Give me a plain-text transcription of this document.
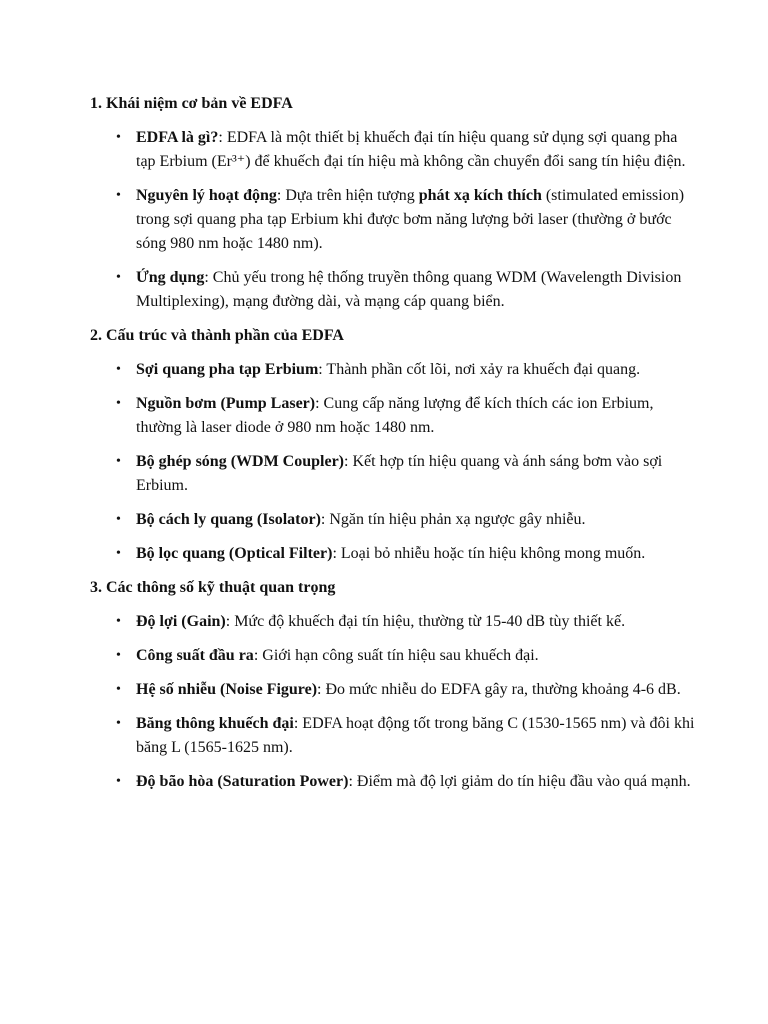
1. Khái niệm cơ bản về EDFA
• EDFA là gì?: EDFA là một thiết bị khuếch đại tín hiệu quang sử dụng sợi quang pha tạp Erbium (Er³⁺) để khuếch đại tín hiệu mà không cần chuyển đổi sang tín hiệu điện.
• Nguyên lý hoạt động: Dựa trên hiện tượng phát xạ kích thích (stimulated emission) trong sợi quang pha tạp Erbium khi được bơm năng lượng bởi laser (thường ở bước sóng 980 nm hoặc 1480 nm).
• Ứng dụng: Chủ yếu trong hệ thống truyền thông quang WDM (Wavelength Division Multiplexing), mạng đường dài, và mạng cáp quang biển.
2. Cấu trúc và thành phần của EDFA
• Sợi quang pha tạp Erbium: Thành phần cốt lõi, nơi xảy ra khuếch đại quang.
• Nguồn bơm (Pump Laser): Cung cấp năng lượng để kích thích các ion Erbium, thường là laser diode ở 980 nm hoặc 1480 nm.
• Bộ ghép sóng (WDM Coupler): Kết hợp tín hiệu quang và ánh sáng bơm vào sợi Erbium.
• Bộ cách ly quang (Isolator): Ngăn tín hiệu phản xạ ngược gây nhiễu.
• Bộ lọc quang (Optical Filter): Loại bỏ nhiễu hoặc tín hiệu không mong muốn.
3. Các thông số kỹ thuật quan trọng
• Độ lợi (Gain): Mức độ khuếch đại tín hiệu, thường từ 15-40 dB tùy thiết kế.
• Công suất đầu ra: Giới hạn công suất tín hiệu sau khuếch đại.
• Hệ số nhiễu (Noise Figure): Đo mức nhiễu do EDFA gây ra, thường khoảng 4-6 dB.
• Băng thông khuếch đại: EDFA hoạt động tốt trong băng C (1530-1565 nm) và đôi khi băng L (1565-1625 nm).
• Độ bão hòa (Saturation Power): Điểm mà độ lợi giảm do tín hiệu đầu vào quá mạnh.
